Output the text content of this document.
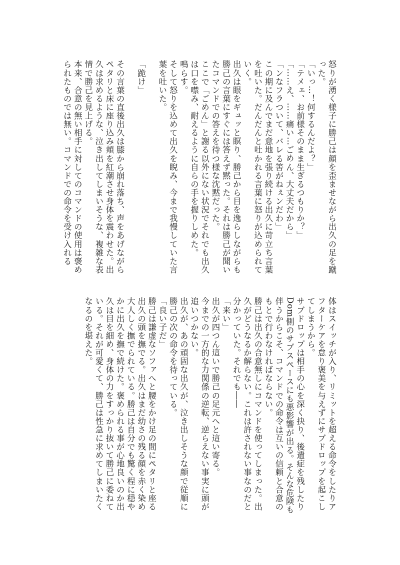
怒りが湧く様子に勝己は顔を歪ませながら出久の足を蹴った。
「いっ…！何するんだよ？」
「テメェ、お前様そのまま生ぎるつもりか？」
「……え、……痛い…ごめん、大丈夫だから」
「ンなフラついて、バレる筈がねぇンだわ」
この期に及んでまだ意地を張り続ける出久に苛立ち言葉を吐いた。だんだんと吐かれる言葉に怒りが込められていく。
出久は眼をギュッと瞑り、勝己から目を逸らしながらも勝己の言葉にすぐには答えず黙った。それは勝己が聞いたコマンドでの答えを待つ様な沈黙だった。
ここで「ごめん」と謝る以外にない状況でそれでも出久は口を噤み、耐えるように自らの手を握りしめた。
鳴らす。
そして怒りを込めて出久を睨み、今まで我慢していた言葉を吐いた。

「跪け」

その言葉の直後出久は膝から崩れ落ち、声をあげながらペタリと床に座り込み頬を紅潮させ身体を震わせた。出久は求めるような、泣き出してしまいそうな、複雑な表情で勝己を見上げる。
本来、合意の無い相手に対してのコマンドの使用は褒められたものでは無い。コマンドでの命令を受け入れる
体はスイッチが入り、リミットを超える命令をしたりアフターケアを怠り褒美を与えずにサブドロップを起こしてしまうから。
サブドロップは相手の心を深く抉り、後遺症を残したりDom側のサブスペースにも悪影響が出る。そんな危険も伴うからこそ、コマンドでの命令は互いの信頼と合意のもとで行わなければならない。
勝己は出久の合意無しにコマンドを使ってしまった。出久がどうなるか解らない。これは許されない事なのだと分かっていた。それでも――
「来い」
出久が四つん這いで勝己の足元へと這い寄る。
今までの一方的な力関係の逆転、逆らえない事実に頭が追いつかない。
出久が、あの頑固な出久が、泣き出しそうな顔で従順に勝己の次の命令を待っている。
「良い子だ」
勝己は謙虚なソファへと腰をかけ足の間にペタリと座る出久の頭を撫でる。出久はまだ幼さの残る顔を赤く染め大人しく撫でられている。勝己は自分でも驚く程に穏やかに出久を撫で続けた。褒められる事が心地良いのか出久は目を細め、身体の力をすっかり抜いて勝己に委ねている。それが可愛くて、勝己は性急に求めてしまいたくなるのを堪えた。
